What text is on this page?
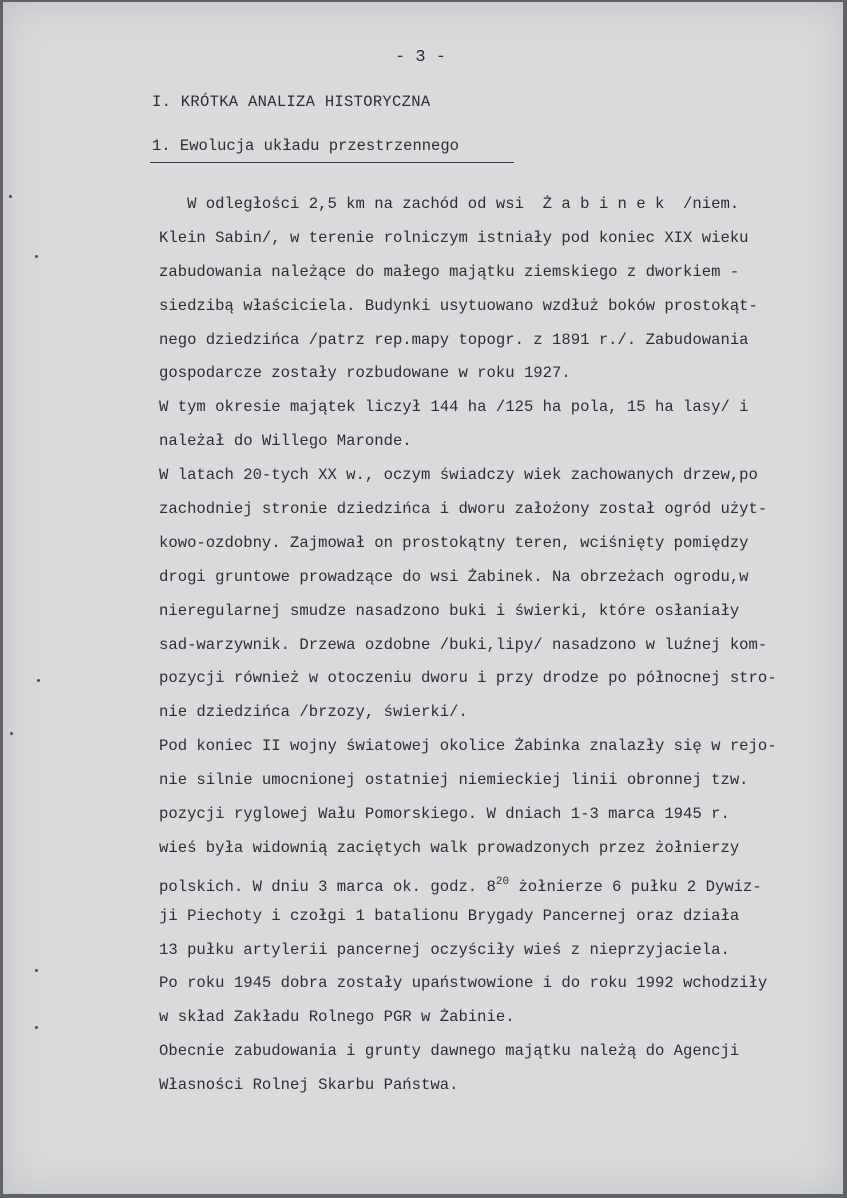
- 3 -
I. KRÓTKA ANALIZA HISTORYCZNA
1. Ewolucja układu przestrzennego
W odległości 2,5 km na zachód od wsi  Ż a b i n e k  /niem.
Klein Sabin/, w terenie rolniczym istniały pod koniec XIX wieku
zabudowania należące do małego majątku ziemskiego z dworkiem -
siedzibą właściciela. Budynki usytuowano wzdłuż boków prostokąt-
nego dziedzińca /patrz rep.mapy topogr. z 1891 r./. Zabudowania
gospodarcze zostały rozbudowane w roku 1927.
W tym okresie majątek liczył 144 ha /125 ha pola, 15 ha lasy/ i
należał do Willego Maronde.
W latach 20-tych XX w., oczym świadczy wiek zachowanych drzew,po
zachodniej stronie dziedzińca i dworu założony został ogród użyt-
kowo-ozdobny. Zajmował on prostokątny teren, wciśnięty pomiędzy
drogi gruntowe prowadzące do wsi Żabinek. Na obrzeżach ogrodu,w
nieregularnej smudze nasadzono buki i świerki, które osłaniały
sad-warzywnik. Drzewa ozdobne /buki,lipy/ nasadzono w luźnej kom-
pozycji również w otoczeniu dworu i przy drodze po północnej stro-
nie dziedzińca /brzozy, świerki/.
Pod koniec II wojny światowej okolice Żabinka znalazły się w rejo-
nie silnie umocnionej ostatniej niemieckiej linii obronnej tzw.
pozycji ryglowej Wału Pomorskiego. W dniach 1-3 marca 1945 r.
wieś była widownią zaciętych walk prowadzonych przez żołnierzy
polskich. W dniu 3 marca ok. godz. $8^{20}$ żołnierze 6 pułku 2 Dywiz-
ji Piechoty i czołgi 1 batalionu Brygady Pancernej oraz działa
13 pułku artylerii pancernej oczyściły wieś z nieprzyjaciela.
Po roku 1945 dobra zostały upaństwowione i do roku 1992 wchodziły
w skład Zakładu Rolnego PGR w Żabinie.
Obecnie zabudowania i grunty dawnego majątku należą do Agencji
Własności Rolnej Skarbu Państwa.
